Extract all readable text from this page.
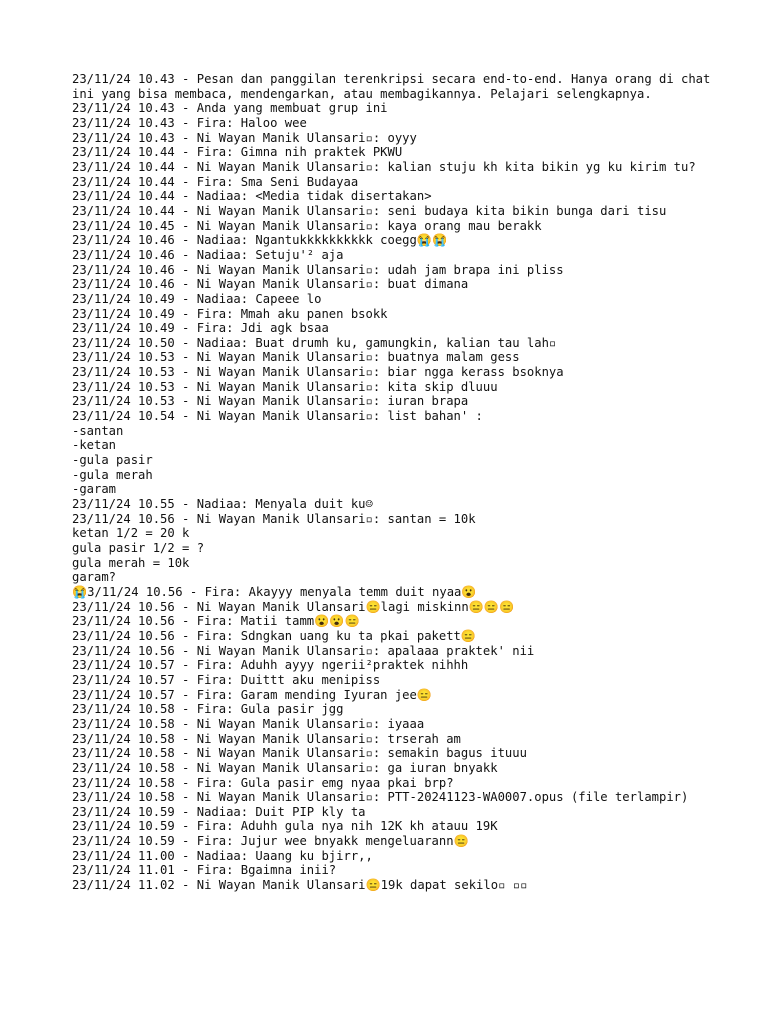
23/11/24 10.43 - Pesan dan panggilan terenkripsi secara end-to-end. Hanya orang di chat ini yang bisa membaca, mendengarkan, atau membagikannya. Pelajari selengkapnya.
23/11/24 10.43 - Anda yang membuat grup ini
23/11/24 10.43 - Fira: Haloo wee
23/11/24 10.43 - Ni Wayan Manik Ulansari▫: oyyy
23/11/24 10.44 - Fira: Gimna nih praktek PKWU
23/11/24 10.44 - Ni Wayan Manik Ulansari▫: kalian stuju kh kita bikin yg ku kirim tu?
23/11/24 10.44 - Fira: Sma Seni Budayaa
23/11/24 10.44 - Nadiaa: <Media tidak disertakan>
23/11/24 10.44 - Ni Wayan Manik Ulansari▫: seni budaya kita bikin bunga dari tisu
23/11/24 10.45 - Ni Wayan Manik Ulansari▫: kaya orang mau berakk
23/11/24 10.46 - Nadiaa: Ngantukkkkkkkkkk coegg😭😭
23/11/24 10.46 - Nadiaa: Setuju'² aja
23/11/24 10.46 - Ni Wayan Manik Ulansari▫: udah jam brapa ini pliss
23/11/24 10.46 - Ni Wayan Manik Ulansari▫: buat dimana
23/11/24 10.49 - Nadiaa: Capeee lo
23/11/24 10.49 - Fira: Mmah aku panen bsokk
23/11/24 10.49 - Fira: Jdi agk bsaa
23/11/24 10.50 - Nadiaa: Buat drumh ku, gamungkin, kalian tau lah▫
23/11/24 10.53 - Ni Wayan Manik Ulansari▫: buatnya malam gess
23/11/24 10.53 - Ni Wayan Manik Ulansari▫: biar ngga kerass bsoknya
23/11/24 10.53 - Ni Wayan Manik Ulansari▫: kita skip dluuu
23/11/24 10.53 - Ni Wayan Manik Ulansari▫: iuran brapa
23/11/24 10.54 - Ni Wayan Manik Ulansari▫: list bahan' :
-santan
-ketan
-gula pasir
-gula merah
-garam
23/11/24 10.55 - Nadiaa: Menyala duit ku☺
23/11/24 10.56 - Ni Wayan Manik Ulansari▫: santan = 10k
ketan 1/2 = 20 k
gula pasir 1/2 = ?
gula merah = 10k
garam?
😭3/11/24 10.56 - Fira: Akayyy menyala temm duit nyaa😮
23/11/24 10.56 - Ni Wayan Manik Ulansari😑lagi miskinn😑😑😑
23/11/24 10.56 - Fira: Matii tamm😮😮😑
23/11/24 10.56 - Fira: Sdngkan uang ku ta pkai pakett😑
23/11/24 10.56 - Ni Wayan Manik Ulansari▫: apalaaa praktek' nii
23/11/24 10.57 - Fira: Aduhh ayyy ngerii²praktek nihhh
23/11/24 10.57 - Fira: Duittt aku menipiss
23/11/24 10.57 - Fira: Garam mending Iyuran jee😑
23/11/24 10.58 - Fira: Gula pasir jgg
23/11/24 10.58 - Ni Wayan Manik Ulansari▫: iyaaa
23/11/24 10.58 - Ni Wayan Manik Ulansari▫: trserah am
23/11/24 10.58 - Ni Wayan Manik Ulansari▫: semakin bagus ituuu
23/11/24 10.58 - Ni Wayan Manik Ulansari▫: ga iuran bnyakk
23/11/24 10.58 - Fira: Gula pasir emg nyaa pkai brp?
23/11/24 10.58 - Ni Wayan Manik Ulansari▫: PTT-20241123-WA0007.opus (file terlampir)
23/11/24 10.59 - Nadiaa: Duit PIP kly ta
23/11/24 10.59 - Fira: Aduhh gula nya nih 12K kh atauu 19K
23/11/24 10.59 - Fira: Jujur wee bnyakk mengeluarann😑
23/11/24 11.00 - Nadiaa: Uaang ku bjirr,,
23/11/24 11.01 - Fira: Bgaimna inii?
23/11/24 11.02 - Ni Wayan Manik Ulansari😑19k dapat sekilo▫ ▫▫
